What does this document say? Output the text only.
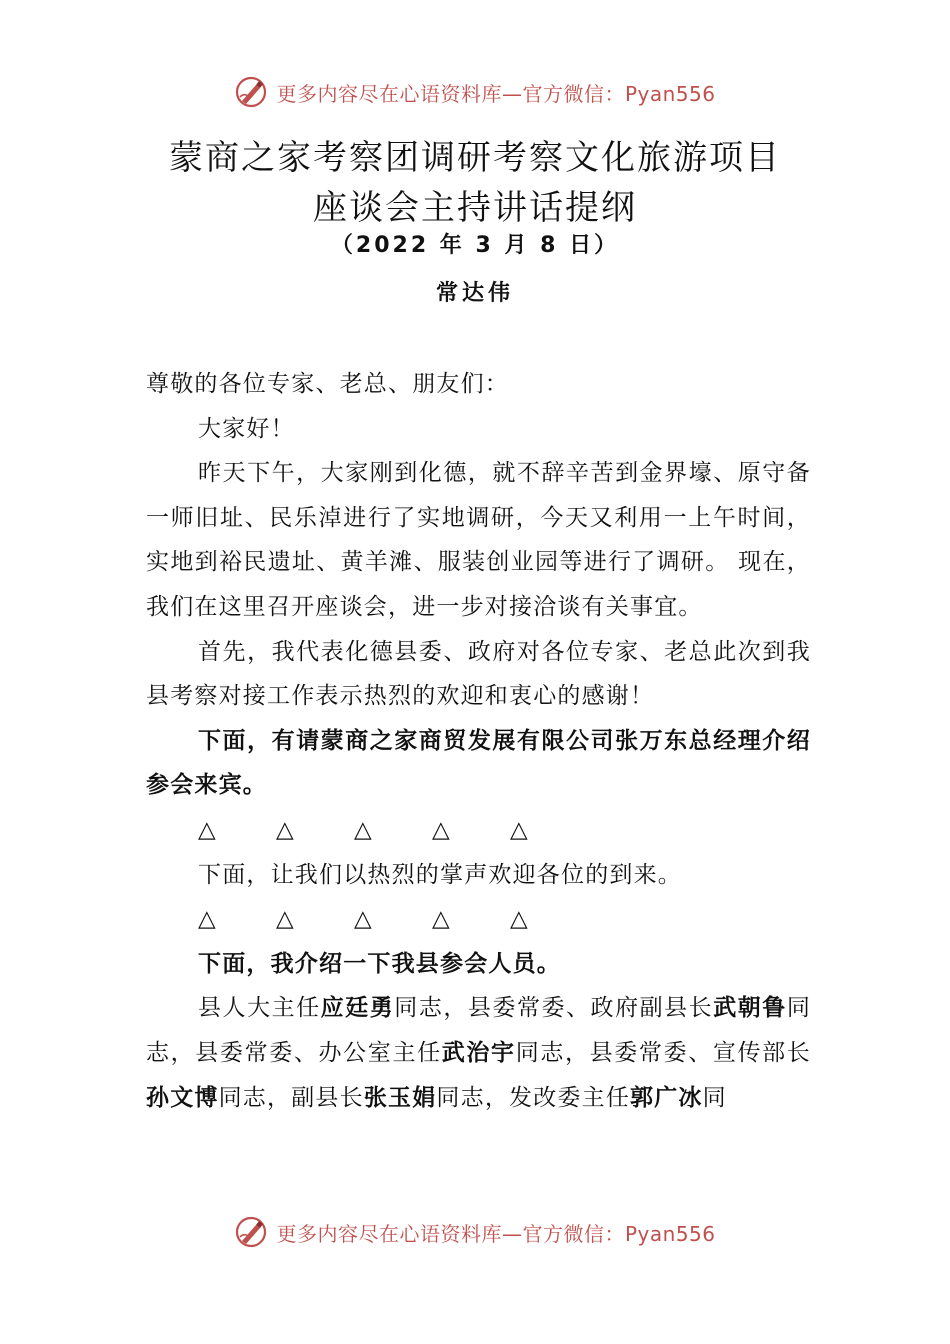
更多内容尽在心语资料库—官方微信：Pyan556
蒙商之家考察团调研考察文化旅游项目
座谈会主持讲话提纲
（2022 年 3 月 8 日）
常达伟

尊敬的各位专家、老总、朋友们：

大家好！

昨天下午，大家刚到化德，就不辞辛苦到金界壕、原守备一师旧址、民乐淖进行了实地调研，今天又利用一上午时间，实地到裕民遗址、黄羊滩、服装创业园等进行了调研。 现在，我们在这里召开座谈会，进一步对接洽谈有关事宜。

首先，我代表化德县委、政府对各位专家、老总此次到我县考察对接工作表示热烈的欢迎和衷心的感谢！

下面，有请蒙商之家商贸发展有限公司张万东总经理介绍参会来宾。

△	△	△	△	△

下面，让我们以热烈的掌声欢迎各位的到来。

△	△	△	△	△

下面，我介绍一下我县参会人员。

县人大主任应廷勇同志，县委常委、政府副县长武朝鲁同志，县委常委、办公室主任武治宇同志，县委常委、宣传部长孙文博同志，副县长张玉娟同志，发改委主任郭广冰同

更多内容尽在心语资料库—官方微信：Pyan556
